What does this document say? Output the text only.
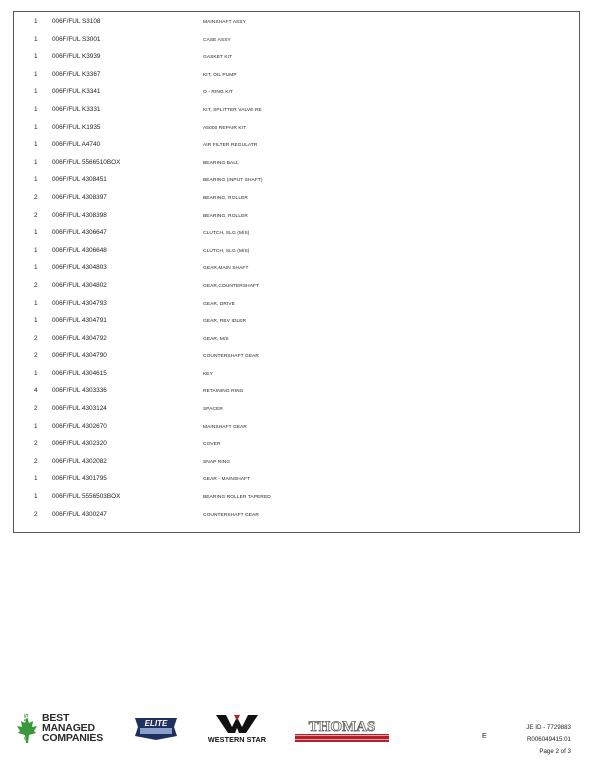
1 006F/FUL S3108	MAINSHAFT ASSY
1 006F/FUL S3001	CASE ASSY
1 006F/FUL K3939	GASKET KIT
1 006F/FUL K3367	KIT, OIL PUMP
1 006F/FUL K3341	O - RING KIT
1 006F/FUL K3331	KIT, SPLITTER VALVE RE
1 006F/FUL K1935	A5000 REPAIR KIT
1 006F/FUL A4740	AIR FILTER REGULATR
1 006F/FUL 5566510BOX	BEARING BALL
1 006F/FUL 4308451	BEARING (INPUT SHAFT)
2 006F/FUL 4308397	BEARING, ROLLER
2 006F/FUL 4308398	BEARING, ROLLER
1 006F/FUL 4306647	CLUTCH, SLG (M/S)
1 006F/FUL 4306648	CLUTCH, SLG (M/S)
1 006F/FUL 4304803	GEAR,MAIN SHAFT
2 006F/FUL 4304802	GEAR,COUNTERSHAFT
1 006F/FUL 4304793	GEAR, DRIVE
1 006F/FUL 4304791	GEAR, REV IDLER
2 006F/FUL 4304792	GEAR, M/S
2 006F/FUL 4304790	COUNTERSHAFT GEAR
1 006F/FUL 4304615	KEY
4 006F/FUL 4303336	RETAINING RING
2 006F/FUL 4303124	SPACER
1 006F/FUL 4302670	MAINSHAFT GEAR
2 006F/FUL 4302320	COVER
2 006F/FUL 4302082	SNAP RING
1 006F/FUL 4301795	GEAR - MAINSHAFT
1 006F/FUL 5556503BOX	BEARING ROLLER TAPERED
2 006F/FUL 4300247	COUNTERSHAFT GEAR
CANADA'S BEST
MANAGED
COMPANIES
ELITE
WESTERN STAR
THOMAS
E
JE ID - 7729883
R006049415:01
Page 2 of 3
